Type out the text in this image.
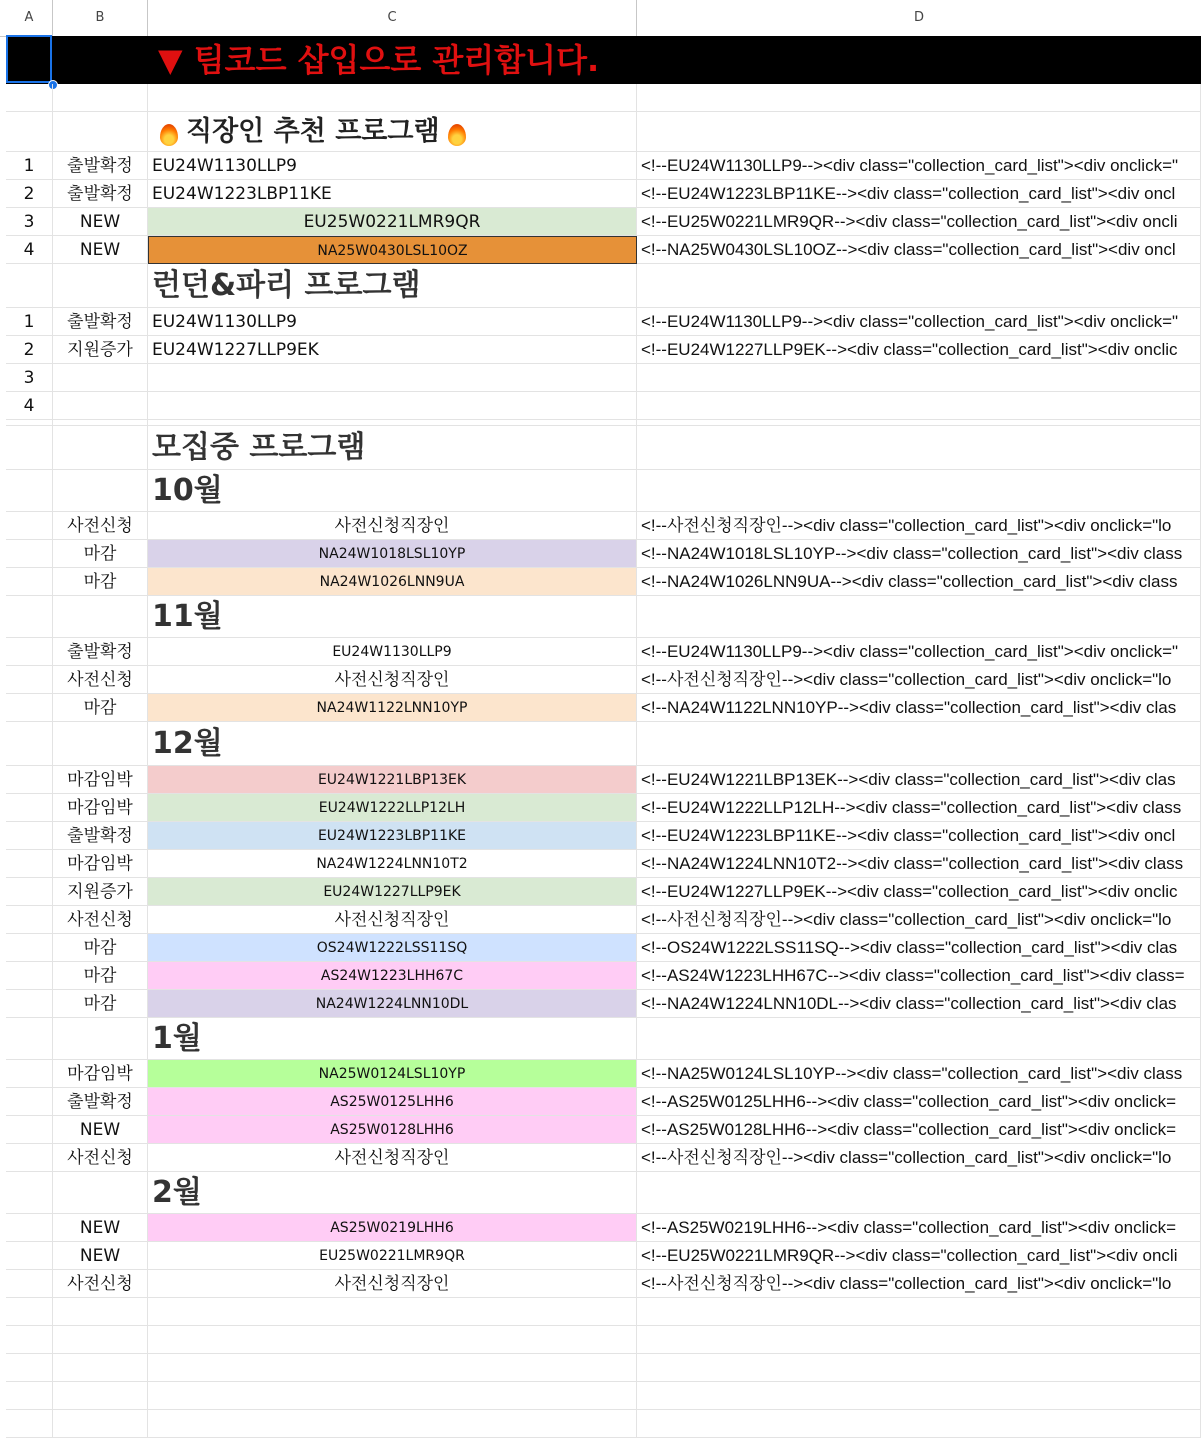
A	B	C	D
▼ 팀코드 삽입으로 관리합니다.
직장인 추천 프로그램
1	출발확정	EU24W1130LLP9	<!--EU24W1130LLP9--><div class="collection_card_list"><div onclick="
2	출발확정	EU24W1223LBP11KE	<!--EU24W1223LBP11KE--><div class="collection_card_list"><div oncl
3	NEW	EU25W0221LMR9QR	<!--EU25W0221LMR9QR--><div class="collection_card_list"><div oncli
4	NEW	NA25W0430LSL10OZ	<!--NA25W0430LSL10OZ--><div class="collection_card_list"><div oncl
런던&파리 프로그램
1	출발확정	EU24W1130LLP9	<!--EU24W1130LLP9--><div class="collection_card_list"><div onclick="
2	지원증가	EU24W1227LLP9EK	<!--EU24W1227LLP9EK--><div class="collection_card_list"><div onclic
3
4
모집중 프로그램
10월
사전신청	사전신청직장인	<!--사전신청직장인--><div class="collection_card_list"><div onclick="lo
마감	NA24W1018LSL10YP	<!--NA24W1018LSL10YP--><div class="collection_card_list"><div class
마감	NA24W1026LNN9UA	<!--NA24W1026LNN9UA--><div class="collection_card_list"><div class
11월
출발확정	EU24W1130LLP9	<!--EU24W1130LLP9--><div class="collection_card_list"><div onclick="
사전신청	사전신청직장인	<!--사전신청직장인--><div class="collection_card_list"><div onclick="lo
마감	NA24W1122LNN10YP	<!--NA24W1122LNN10YP--><div class="collection_card_list"><div clas
12월
마감임박	EU24W1221LBP13EK	<!--EU24W1221LBP13EK--><div class="collection_card_list"><div clas
마감임박	EU24W1222LLP12LH	<!--EU24W1222LLP12LH--><div class="collection_card_list"><div class
출발확정	EU24W1223LBP11KE	<!--EU24W1223LBP11KE--><div class="collection_card_list"><div oncl
마감임박	NA24W1224LNN10T2	<!--NA24W1224LNN10T2--><div class="collection_card_list"><div class
지원증가	EU24W1227LLP9EK	<!--EU24W1227LLP9EK--><div class="collection_card_list"><div onclic
사전신청	사전신청직장인	<!--사전신청직장인--><div class="collection_card_list"><div onclick="lo
마감	OS24W1222LSS11SQ	<!--OS24W1222LSS11SQ--><div class="collection_card_list"><div clas
마감	AS24W1223LHH67C	<!--AS24W1223LHH67C--><div class="collection_card_list"><div class=
마감	NA24W1224LNN10DL	<!--NA24W1224LNN10DL--><div class="collection_card_list"><div clas
1월
마감임박	NA25W0124LSL10YP	<!--NA25W0124LSL10YP--><div class="collection_card_list"><div class
출발확정	AS25W0125LHH6	<!--AS25W0125LHH6--><div class="collection_card_list"><div onclick=
NEW	AS25W0128LHH6	<!--AS25W0128LHH6--><div class="collection_card_list"><div onclick=
사전신청	사전신청직장인	<!--사전신청직장인--><div class="collection_card_list"><div onclick="lo
2월
NEW	AS25W0219LHH6	<!--AS25W0219LHH6--><div class="collection_card_list"><div onclick=
NEW	EU25W0221LMR9QR	<!--EU25W0221LMR9QR--><div class="collection_card_list"><div oncli
사전신청	사전신청직장인	<!--사전신청직장인--><div class="collection_card_list"><div onclick="lo
